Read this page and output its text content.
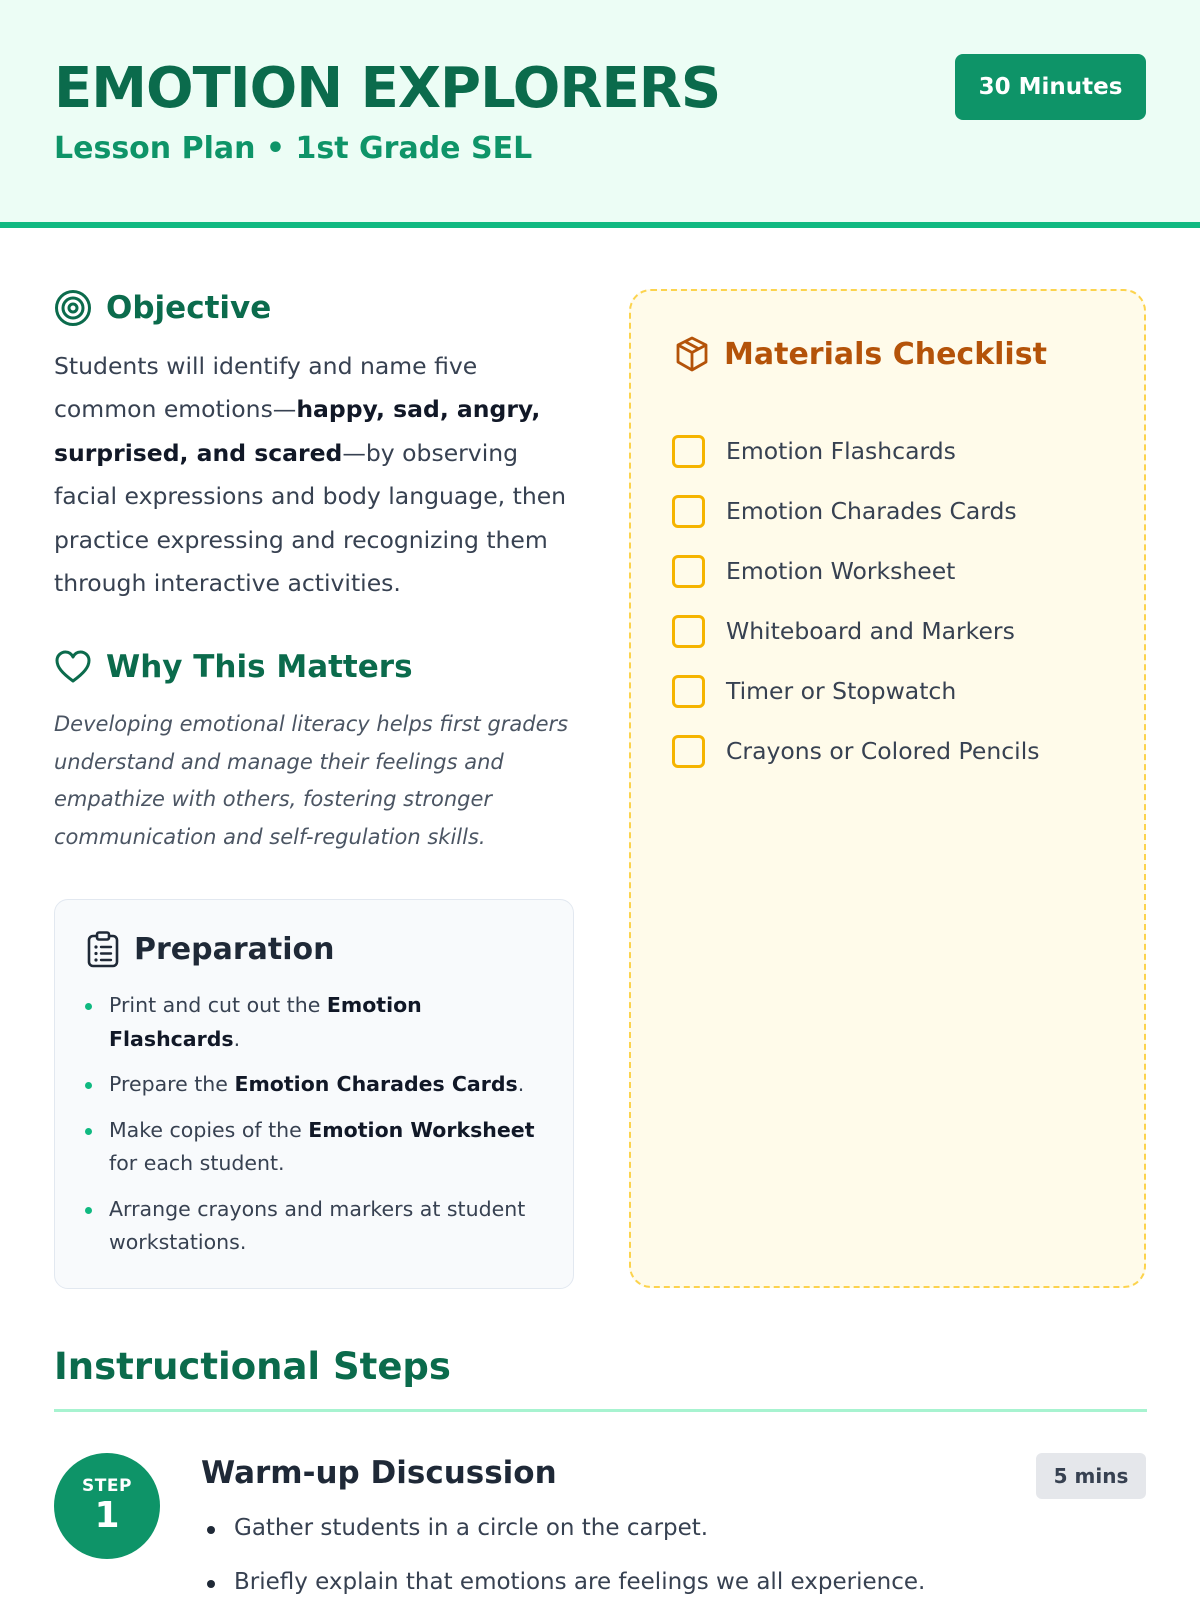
EMOTION EXPLORERS
Lesson Plan • 1st Grade SEL
30 Minutes
Objective
Students will identify and name five common emotions—happy, sad, angry, surprised, and scared—by observing facial expressions and body language, then practice expressing and recognizing them through interactive activities.
Why This Matters
Developing emotional literacy helps first graders understand and manage their feelings and empathize with others, fostering stronger communication and self-regulation skills.
Preparation
Print and cut out the Emotion Flashcards.
Prepare the Emotion Charades Cards.
Make copies of the Emotion Worksheet for each student.
Arrange crayons and markers at student workstations.
Materials Checklist
Emotion Flashcards
Emotion Charades Cards
Emotion Worksheet
Whiteboard and Markers
Timer or Stopwatch
Crayons or Colored Pencils
Instructional Steps
STEP
1
Warm-up Discussion	5 mins
Gather students in a circle on the carpet.
Briefly explain that emotions are feelings we all experience.
